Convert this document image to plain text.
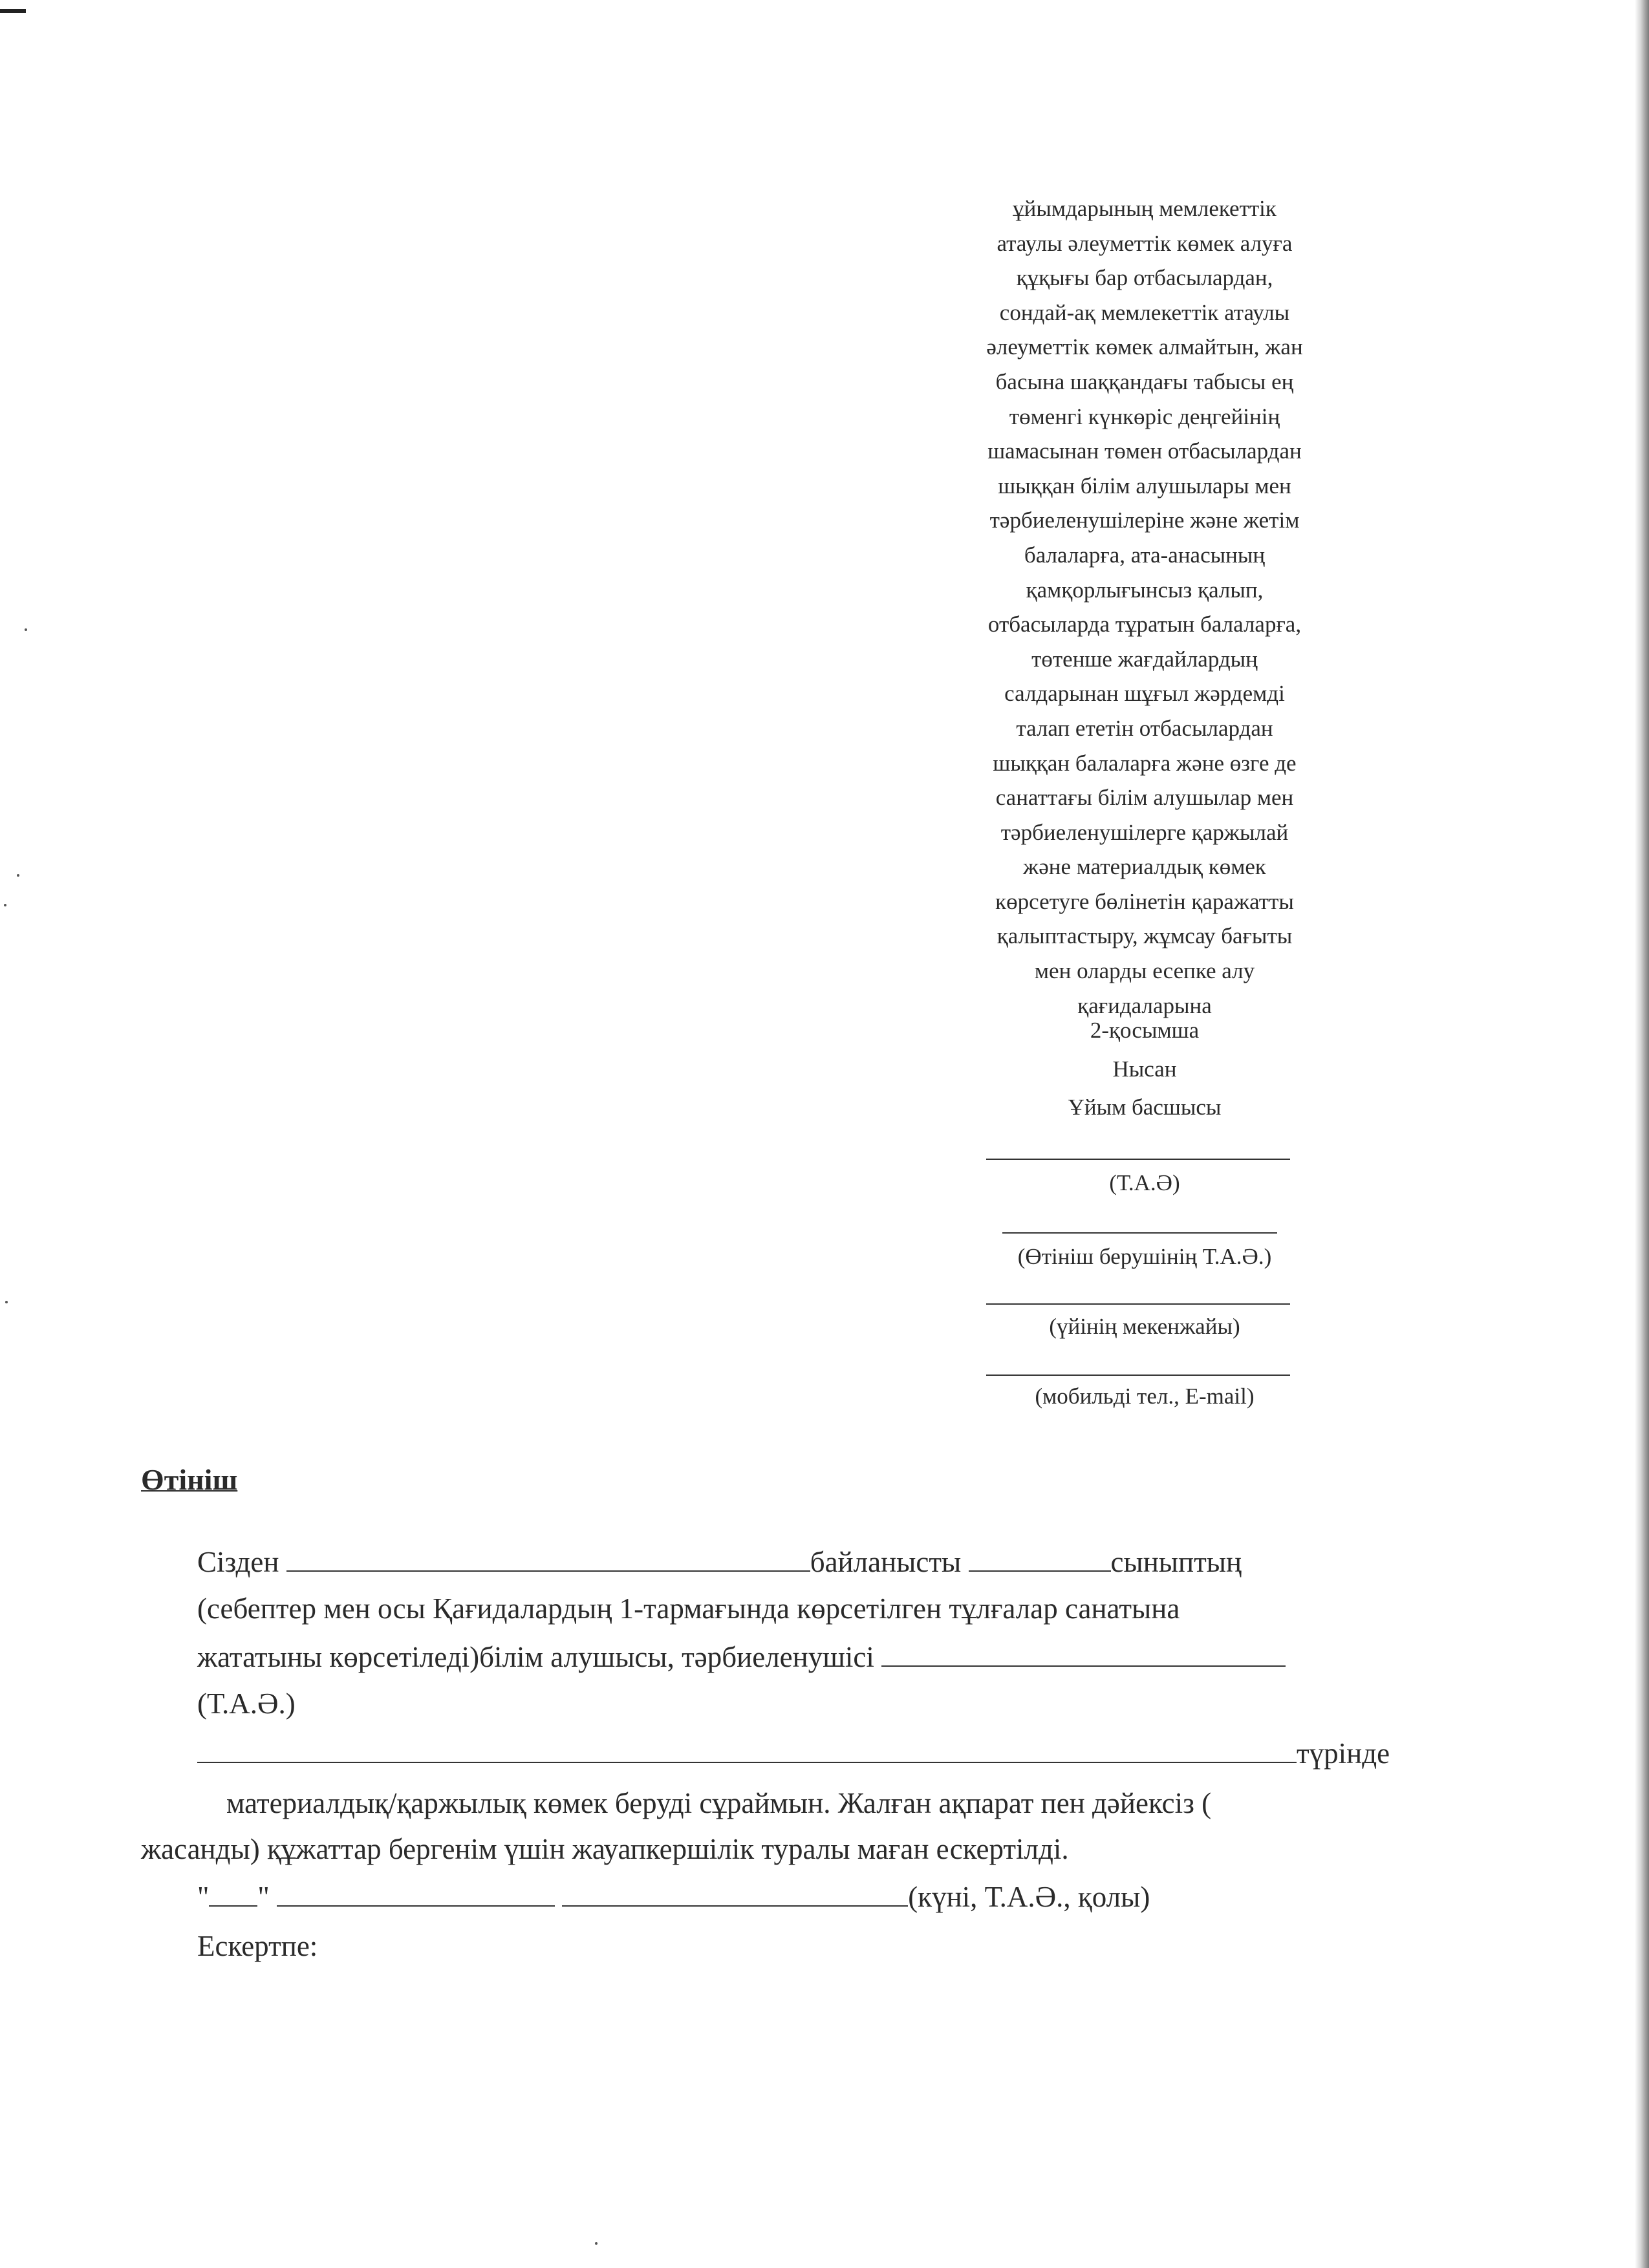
ұйымдарының мемлекеттік
атаулы әлеуметтік көмек алуға
құқығы бар отбасылардан,
сондай-ақ мемлекеттік атаулы
әлеуметтік көмек алмайтын, жан
басына шаққандағы табысы ең
төменгі күнкөріс деңгейінің
шамасынан төмен отбасылардан
шыққан білім алушылары мен
тәрбиеленушілеріне және жетім
балаларға, ата-анасының
қамқорлығынсыз қалып,
отбасыларда тұратын балаларға,
төтенше жағдайлардың
салдарынан шұғыл жәрдемді
талап ететін отбасылардан
шыққан балаларға және өзге де
санаттағы білім алушылар мен
тәрбиеленушілерге қаржылай
және материалдық көмек
көрсетуге бөлінетін қаражатты
қалыптастыру, жұмсау бағыты
мен оларды есепке алу
қағидаларына
2-қосымша
Нысан
Ұйым басшысы
(Т.А.Ә)
(Өтініш берушінің Т.А.Ә.)
(үйінің мекенжайы)
(мобильді тел., E-mail)
Өтініш
Сізден	байланысты	сыныптың
(себептер мен осы Қағидалардың 1-тармағында көрсетілген тұлғалар санатына
жататыны көрсетіледі)білім алушысы, тәрбиеленушісі
(Т.А.Ә.)
түрінде
материалдық/қаржылық көмек беруді сұраймын. Жалған ақпарат пен дәйексіз (
жасанды) құжаттар бергенім үшін жауапкершілік туралы маған ескертілді.
" "	(күні, Т.А.Ә., қолы)
Ескертпе:
